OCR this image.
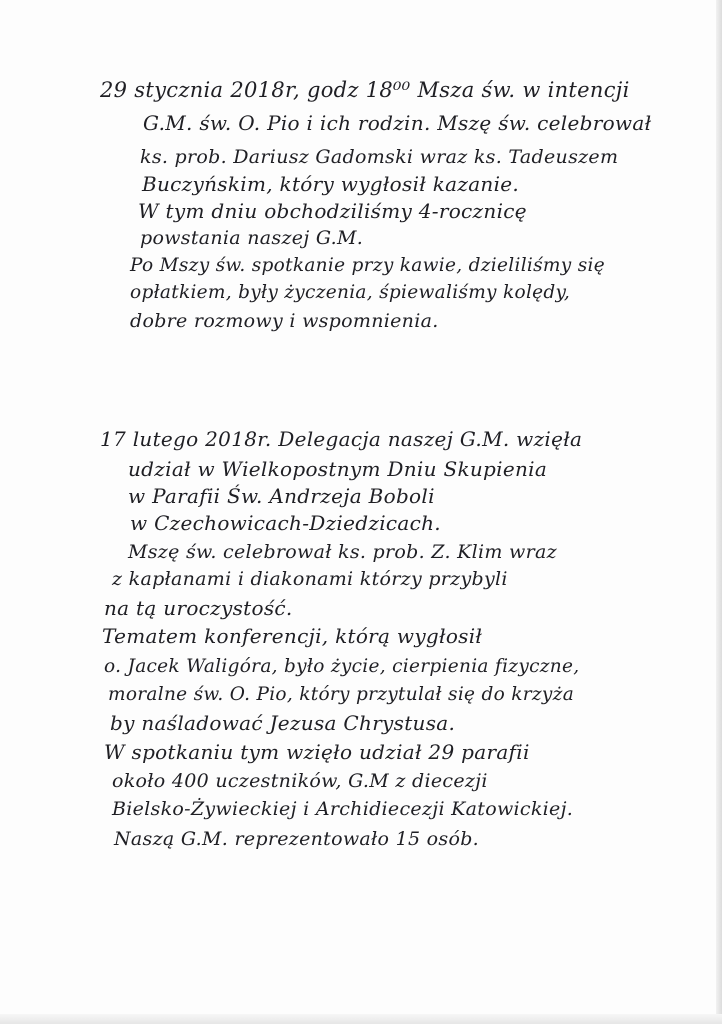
29 stycznia 2018r, godz 18⁰⁰ Msza św. w intencji
G.M. św. O. Pio i ich rodzin. Mszę św. celebrował
ks. prob. Dariusz Gadomski wraz ks. Tadeuszem
Buczyńskim, który wygłosił kazanie.
W tym dniu obchodziliśmy 4-rocznicę
powstania naszej G.M.
Po Mszy św. spotkanie przy kawie, dzieliliśmy się
opłatkiem, były życzenia, śpiewaliśmy kolędy,
dobre rozmowy i wspomnienia.
17 lutego 2018r. Delegacja naszej G.M. wzięła
udział w Wielkopostnym Dniu Skupienia
w Parafii Św. Andrzeja Boboli
w Czechowicach-Dziedzicach.
Mszę św. celebrował ks. prob. Z. Klim wraz
z kapłanami i diakonami którzy przybyli
na tą uroczystość.
Tematem konferencji, którą wygłosił
o. Jacek Waligóra, było życie, cierpienia fizyczne,
moralne św. O. Pio, który przytulał się do krzyża
by naśladować Jezusa Chrystusa.
W spotkaniu tym wzięło udział 29 parafii
około 400 uczestników, G.M z diecezji
Bielsko-Żywieckiej i Archidiecezji Katowickiej.
Naszą G.M. reprezentowało 15 osób.
